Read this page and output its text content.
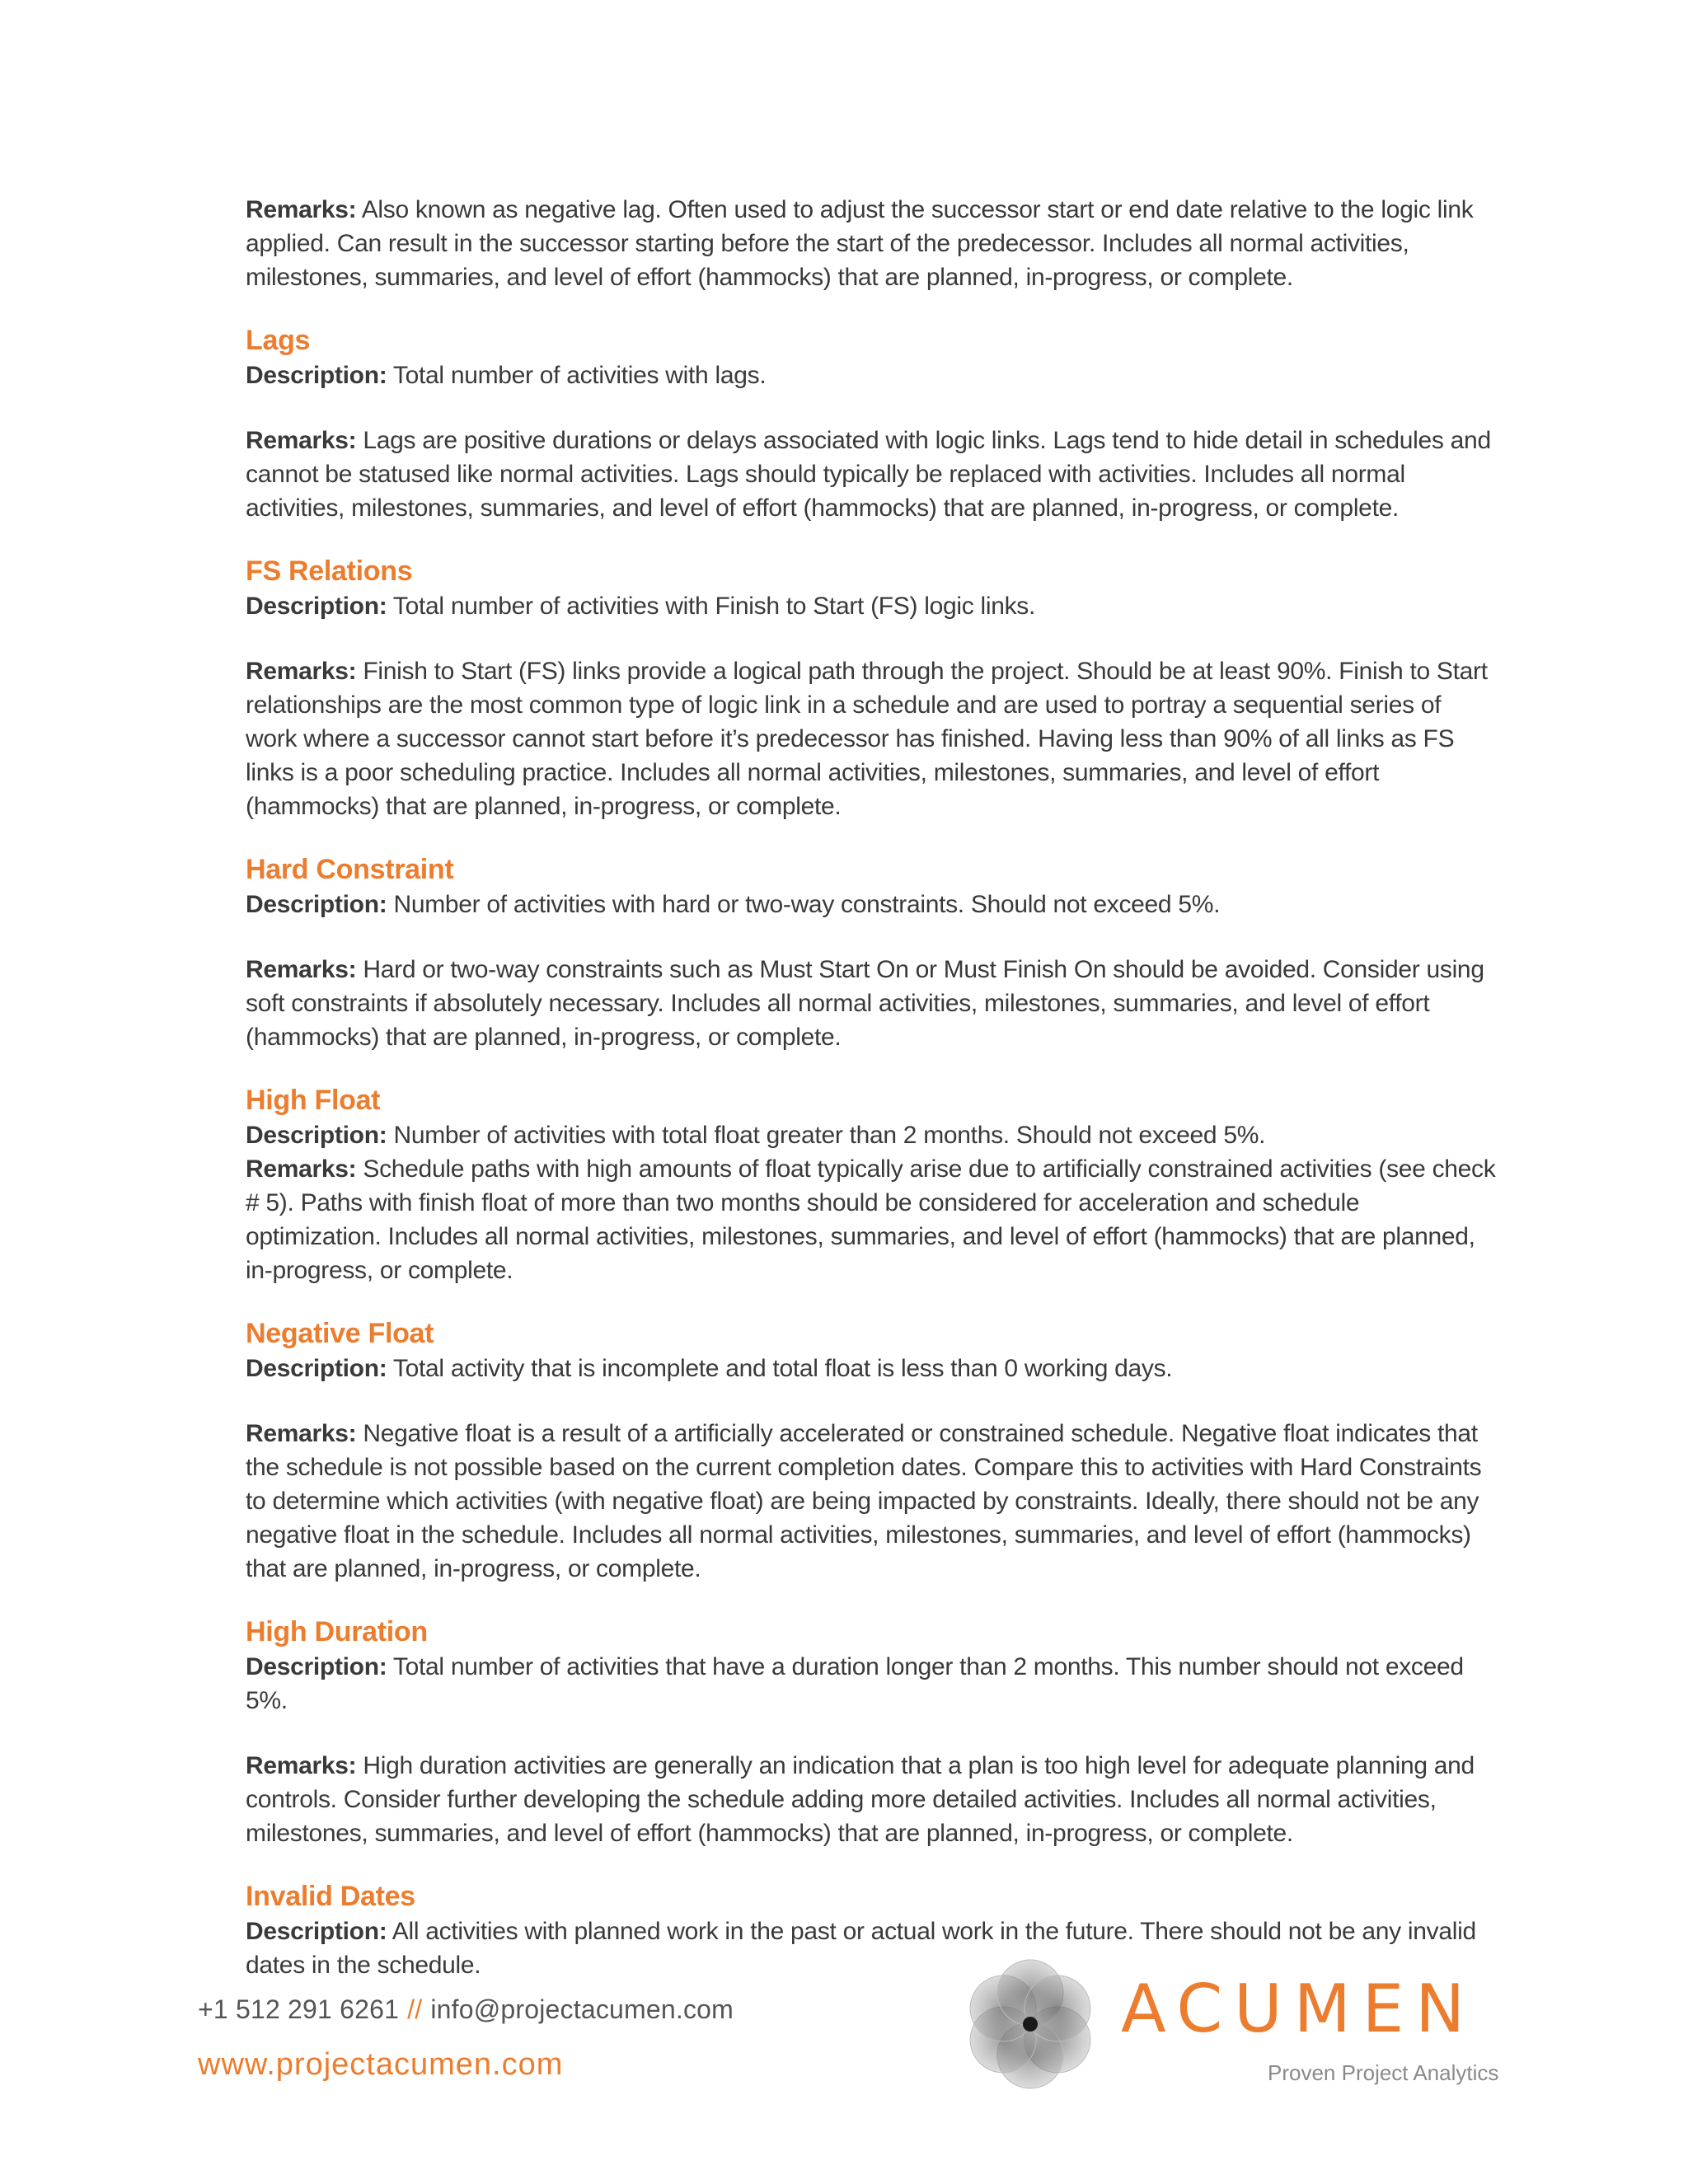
Remarks: Also known as negative lag. Often used to adjust the successor start or end date relative to the logic link applied. Can result in the successor starting before the start of the predecessor. Includes all normal activities, milestones, summaries, and level of effort (hammocks) that are planned, in-progress, or complete.

Lags

Description: Total number of activities with lags.

Remarks: Lags are positive durations or delays associated with logic links. Lags tend to hide detail in schedules and cannot be statused like normal activities. Lags should typically be replaced with activities. Includes all normal activities, milestones, summaries, and level of effort (hammocks) that are planned, in-progress, or complete.

FS Relations

Description: Total number of activities with Finish to Start (FS) logic links.

Remarks: Finish to Start (FS) links provide a logical path through the project. Should be at least 90%. Finish to Start relationships are the most common type of logic link in a schedule and are used to portray a sequential series of work where a successor cannot start before it’s predecessor has finished. Having less than 90% of all links as FS links is a poor scheduling practice. Includes all normal activities, milestones, summaries, and level of effort (hammocks) that are planned, in-progress, or complete.

Hard Constraint

Description: Number of activities with hard or two-way constraints. Should not exceed 5%.

Remarks: Hard or two-way constraints such as Must Start On or Must Finish On should be avoided. Consider using soft constraints if absolutely necessary. Includes all normal activities, milestones, summaries, and level of effort (hammocks) that are planned, in-progress, or complete.

High Float

Description: Number of activities with total float greater than 2 months. Should not exceed 5%.

Remarks: Schedule paths with high amounts of float typically arise due to artificially constrained activities (see check # 5). Paths with finish float of more than two months should be considered for acceleration and schedule optimization. Includes all normal activities, milestones, summaries, and level of effort (hammocks) that are planned, in-progress, or complete.

Negative Float

Description: Total activity that is incomplete and total float is less than 0 working days.

Remarks: Negative float is a result of a artificially accelerated or constrained schedule. Negative float indicates that the schedule is not possible based on the current completion dates. Compare this to activities with Hard Constraints to determine which activities (with negative float) are being impacted by constraints. Ideally, there should not be any negative float in the schedule. Includes all normal activities, milestones, summaries, and level of effort (hammocks) that are planned, in-progress, or complete.

High Duration

Description: Total number of activities that have a duration longer than 2 months. This number should not exceed 5%.

Remarks: High duration activities are generally an indication that a plan is too high level for adequate planning and controls. Consider further developing the schedule adding more detailed activities. Includes all normal activities, milestones, summaries, and level of effort (hammocks) that are planned, in-progress, or complete.

Invalid Dates

Description: All activities with planned work in the past or actual work in the future. There should not be any invalid dates in the schedule.

+1 512 291 6261 // info@projectacumen.com
www.projectacumen.com
ACUMEN
Proven Project Analytics
